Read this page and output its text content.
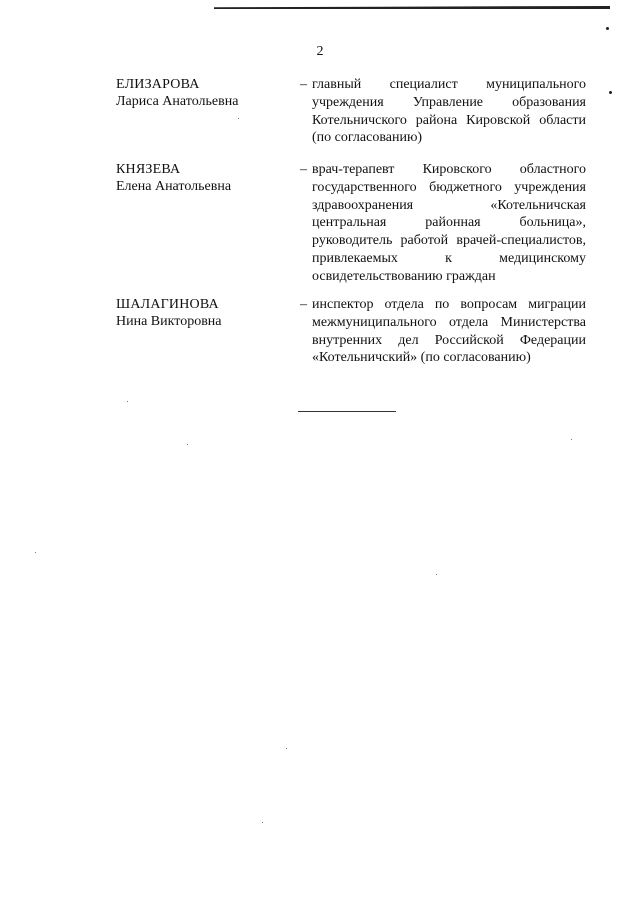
2
ЕЛИЗАРОВА
Лариса Анатольевна
– главный специалист муниципального учреждения Управление образования Котельничского района Кировской области (по согласованию)
КНЯЗЕВА
Елена Анатольевна
– врач-терапевт Кировского областного государственного бюджетного учреждения здравоохранения «Котельничская центральная районная больница», руководитель работой врачей-специалистов, привлекаемых к медицинскому освидетельствованию граждан
ШАЛАГИНОВА
Нина Викторовна
– инспектор отдела по вопросам миграции межмуниципального отдела Министерства внутренних дел Российской Федерации «Котельничский» (по согласованию)
